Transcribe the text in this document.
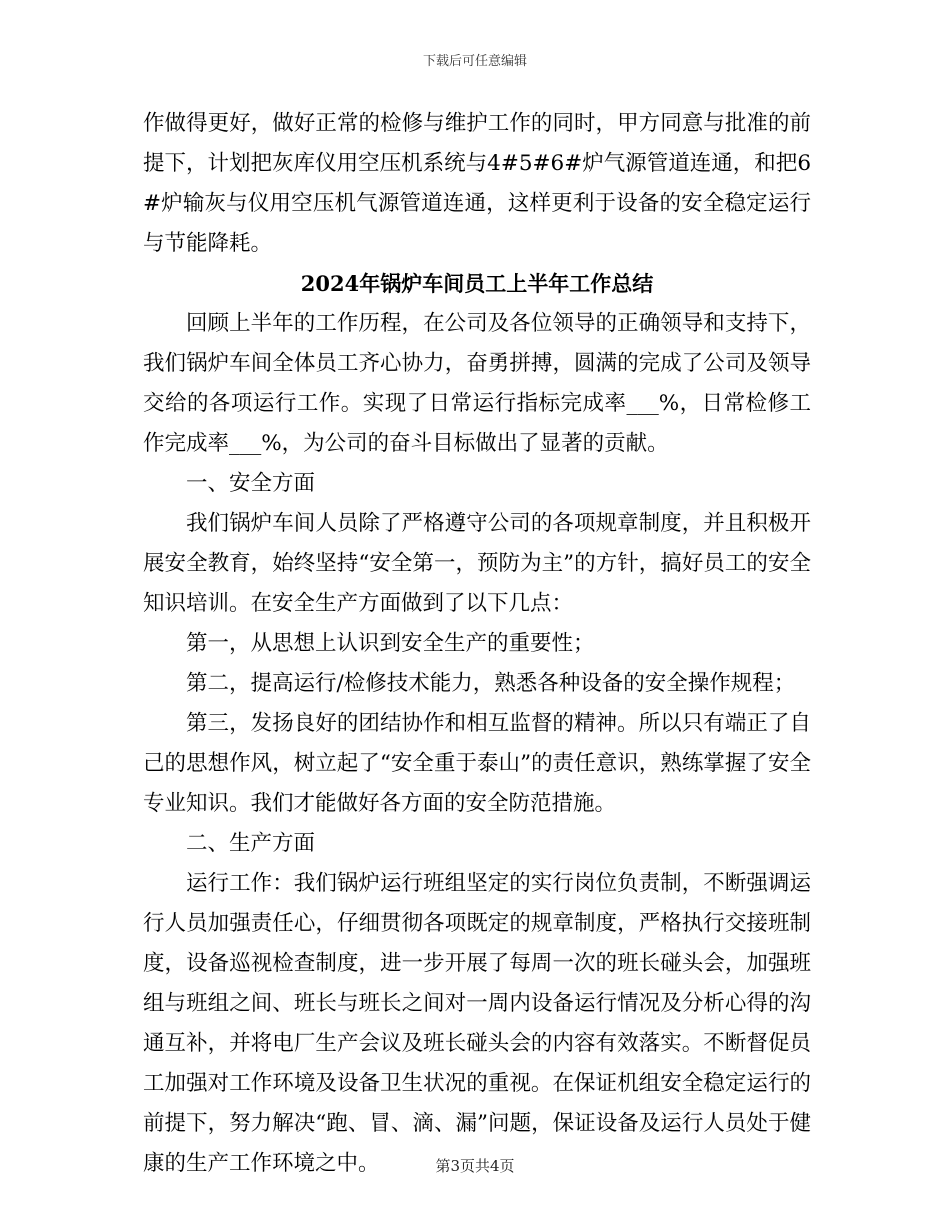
下载后可任意编辑

作做得更好，做好正常的检修与维护工作的同时，甲方同意与批准的前提下，计划把灰库仪用空压机系统与4#5#6#炉气源管道连通，和把6#炉输灰与仪用空压机气源管道连通，这样更利于设备的安全稳定运行与节能降耗。

2024年锅炉车间员工上半年工作总结

回顾上半年的工作历程，在公司及各位领导的正确领导和支持下，我们锅炉车间全体员工齐心协力，奋勇拼搏，圆满的完成了公司及领导交给的各项运行工作。实现了日常运行指标完成率___%，日常检修工作完成率___%，为公司的奋斗目标做出了显著的贡献。

一、安全方面

我们锅炉车间人员除了严格遵守公司的各项规章制度，并且积极开展安全教育，始终坚持“安全第一，预防为主”的方针，搞好员工的安全知识培训。在安全生产方面做到了以下几点：

第一，从思想上认识到安全生产的重要性；

第二，提高运行/检修技术能力，熟悉各种设备的安全操作规程；

第三，发扬良好的团结协作和相互监督的精神。所以只有端正了自己的思想作风，树立起了“安全重于泰山”的责任意识，熟练掌握了安全专业知识。我们才能做好各方面的安全防范措施。

二、生产方面

运行工作：我们锅炉运行班组坚定的实行岗位负责制，不断强调运行人员加强责任心，仔细贯彻各项既定的规章制度，严格执行交接班制度，设备巡视检查制度，进一步开展了每周一次的班长碰头会，加强班组与班组之间、班长与班长之间对一周内设备运行情况及分析心得的沟通互补，并将电厂生产会议及班长碰头会的内容有效落实。不断督促员工加强对工作环境及设备卫生状况的重视。在保证机组安全稳定运行的前提下，努力解决“跑、冒、滴、漏”问题，保证设备及运行人员处于健康的生产工作环境之中。	第3页共4页
